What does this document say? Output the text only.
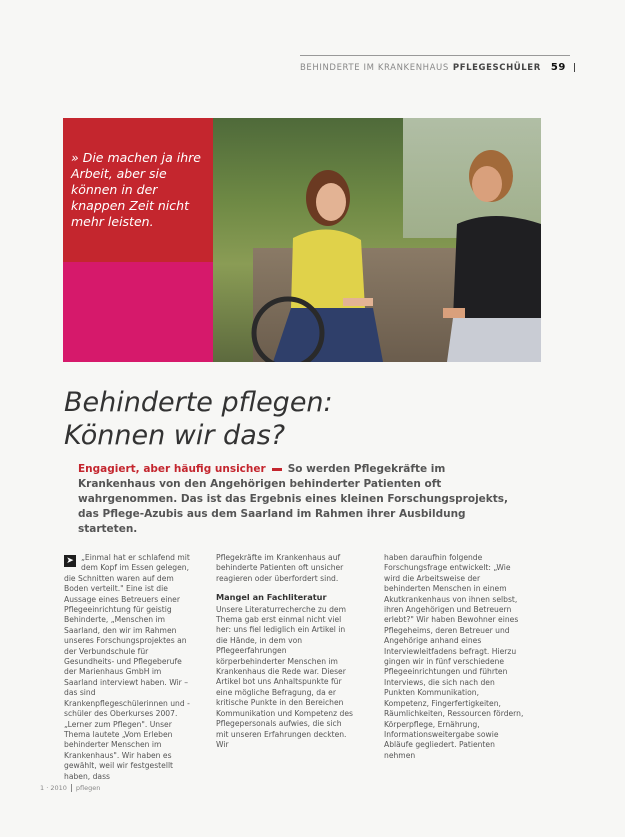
BEHINDERTE IM KRANKENHAUS PFLEGESCHÜLER 59
» Die machen ja ihre Arbeit, aber sie können in der knappen Zeit nicht mehr leisten.
Behinderte pflegen:
Können wir das?
Engagiert, aber häufig unsicher So werden Pflegekräfte im Krankenhaus von den Angehörigen behinderter Patienten oft wahrgenommen. Das ist das Ergebnis eines kleinen Forschungsprojekts, das Pflege-Azubis aus dem Saarland im Rahmen ihrer Ausbildung starteten.
➤ „Einmal hat er schlafend mit dem Kopf im Essen gelegen, die Schnitten waren auf dem Boden verteilt." Eine ist die Aussage eines Betreuers einer Pflegeeinrichtung für geistig Behinderte, „Menschen im Saarland, den wir im Rahmen unseres Forschungsprojektes an der Verbundschule für Gesundheits- und Pflegeberufe der Marienhaus GmbH im Saarland interviewt haben. Wir – das sind Krankenpflegeschülerinnen und -schüler des Oberkurses 2007. „Lerner zum Pflegen". Unser Thema lautete „Vom Erleben behinderter Menschen im Krankenhaus". Wir haben es gewählt, weil wir festgestellt haben, dass

Pflegekräfte im Krankenhaus auf behinderte Patienten oft unsicher reagieren oder überfordert sind.

Mangel an Fachliteratur

Unsere Literaturrecherche zu dem Thema gab erst einmal nicht viel her: uns fiel lediglich ein Artikel in die Hände, in dem von Pflegeerfahrungen körperbehinderter Menschen im Krankenhaus die Rede war. Dieser Artikel bot uns Anhaltspunkte für eine mögliche Befragung, da er kritische Punkte in den Bereichen Kommunikation und Kompetenz des Pflegepersonals aufwies, die sich mit unseren Erfahrungen deckten. Wir

haben daraufhin folgende Forschungsfrage entwickelt: „Wie wird die Arbeitsweise der behinderten Menschen in einem Akutkrankenhaus von ihnen selbst, ihren Angehörigen und Betreuern erlebt?" Wir haben Bewohner eines Pflegeheims, deren Betreuer und Angehörige anhand eines Interviewleitfadens befragt. Hierzu gingen wir in fünf verschiedene Pflegeeinrichtungen und führten Interviews, die sich nach den Punkten Kommunikation, Kompetenz, Fingerfertigkeiten, Räumlichkeiten, Ressourcen fördern, Körperpflege, Ernährung, Informationsweitergabe sowie Abläufe gegliedert. Patienten nehmen

1 · 2010 pflegen
